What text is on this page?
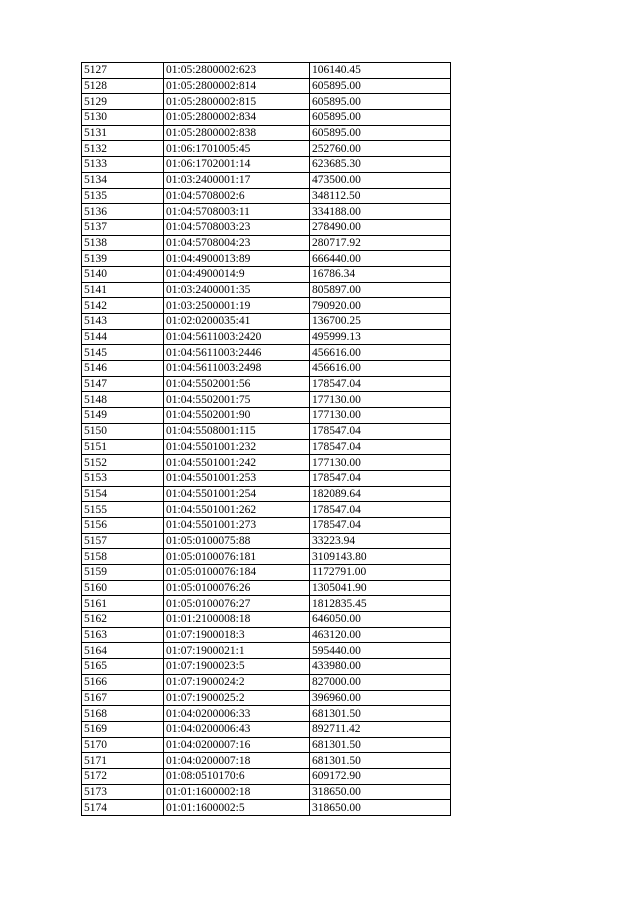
5127	01:05:2800002:623	106140.45
5128	01:05:2800002:814	605895.00
5129	01:05:2800002:815	605895.00
5130	01:05:2800002:834	605895.00
5131	01:05:2800002:838	605895.00
5132	01:06:1701005:45	252760.00
5133	01:06:1702001:14	623685.30
5134	01:03:2400001:17	473500.00
5135	01:04:5708002:6	348112.50
5136	01:04:5708003:11	334188.00
5137	01:04:5708003:23	278490.00
5138	01:04:5708004:23	280717.92
5139	01:04:4900013:89	666440.00
5140	01:04:4900014:9	16786.34
5141	01:03:2400001:35	805897.00
5142	01:03:2500001:19	790920.00
5143	01:02:0200035:41	136700.25
5144	01:04:5611003:2420	495999.13
5145	01:04:5611003:2446	456616.00
5146	01:04:5611003:2498	456616.00
5147	01:04:5502001:56	178547.04
5148	01:04:5502001:75	177130.00
5149	01:04:5502001:90	177130.00
5150	01:04:5508001:115	178547.04
5151	01:04:5501001:232	178547.04
5152	01:04:5501001:242	177130.00
5153	01:04:5501001:253	178547.04
5154	01:04:5501001:254	182089.64
5155	01:04:5501001:262	178547.04
5156	01:04:5501001:273	178547.04
5157	01:05:0100075:88	33223.94
5158	01:05:0100076:181	3109143.80
5159	01:05:0100076:184	1172791.00
5160	01:05:0100076:26	1305041.90
5161	01:05:0100076:27	1812835.45
5162	01:01:2100008:18	646050.00
5163	01:07:1900018:3	463120.00
5164	01:07:1900021:1	595440.00
5165	01:07:1900023:5	433980.00
5166	01:07:1900024:2	827000.00
5167	01:07:1900025:2	396960.00
5168	01:04:0200006:33	681301.50
5169	01:04:0200006:43	892711.42
5170	01:04:0200007:16	681301.50
5171	01:04:0200007:18	681301.50
5172	01:08:0510170:6	609172.90
5173	01:01:1600002:18	318650.00
5174	01:01:1600002:5	318650.00
